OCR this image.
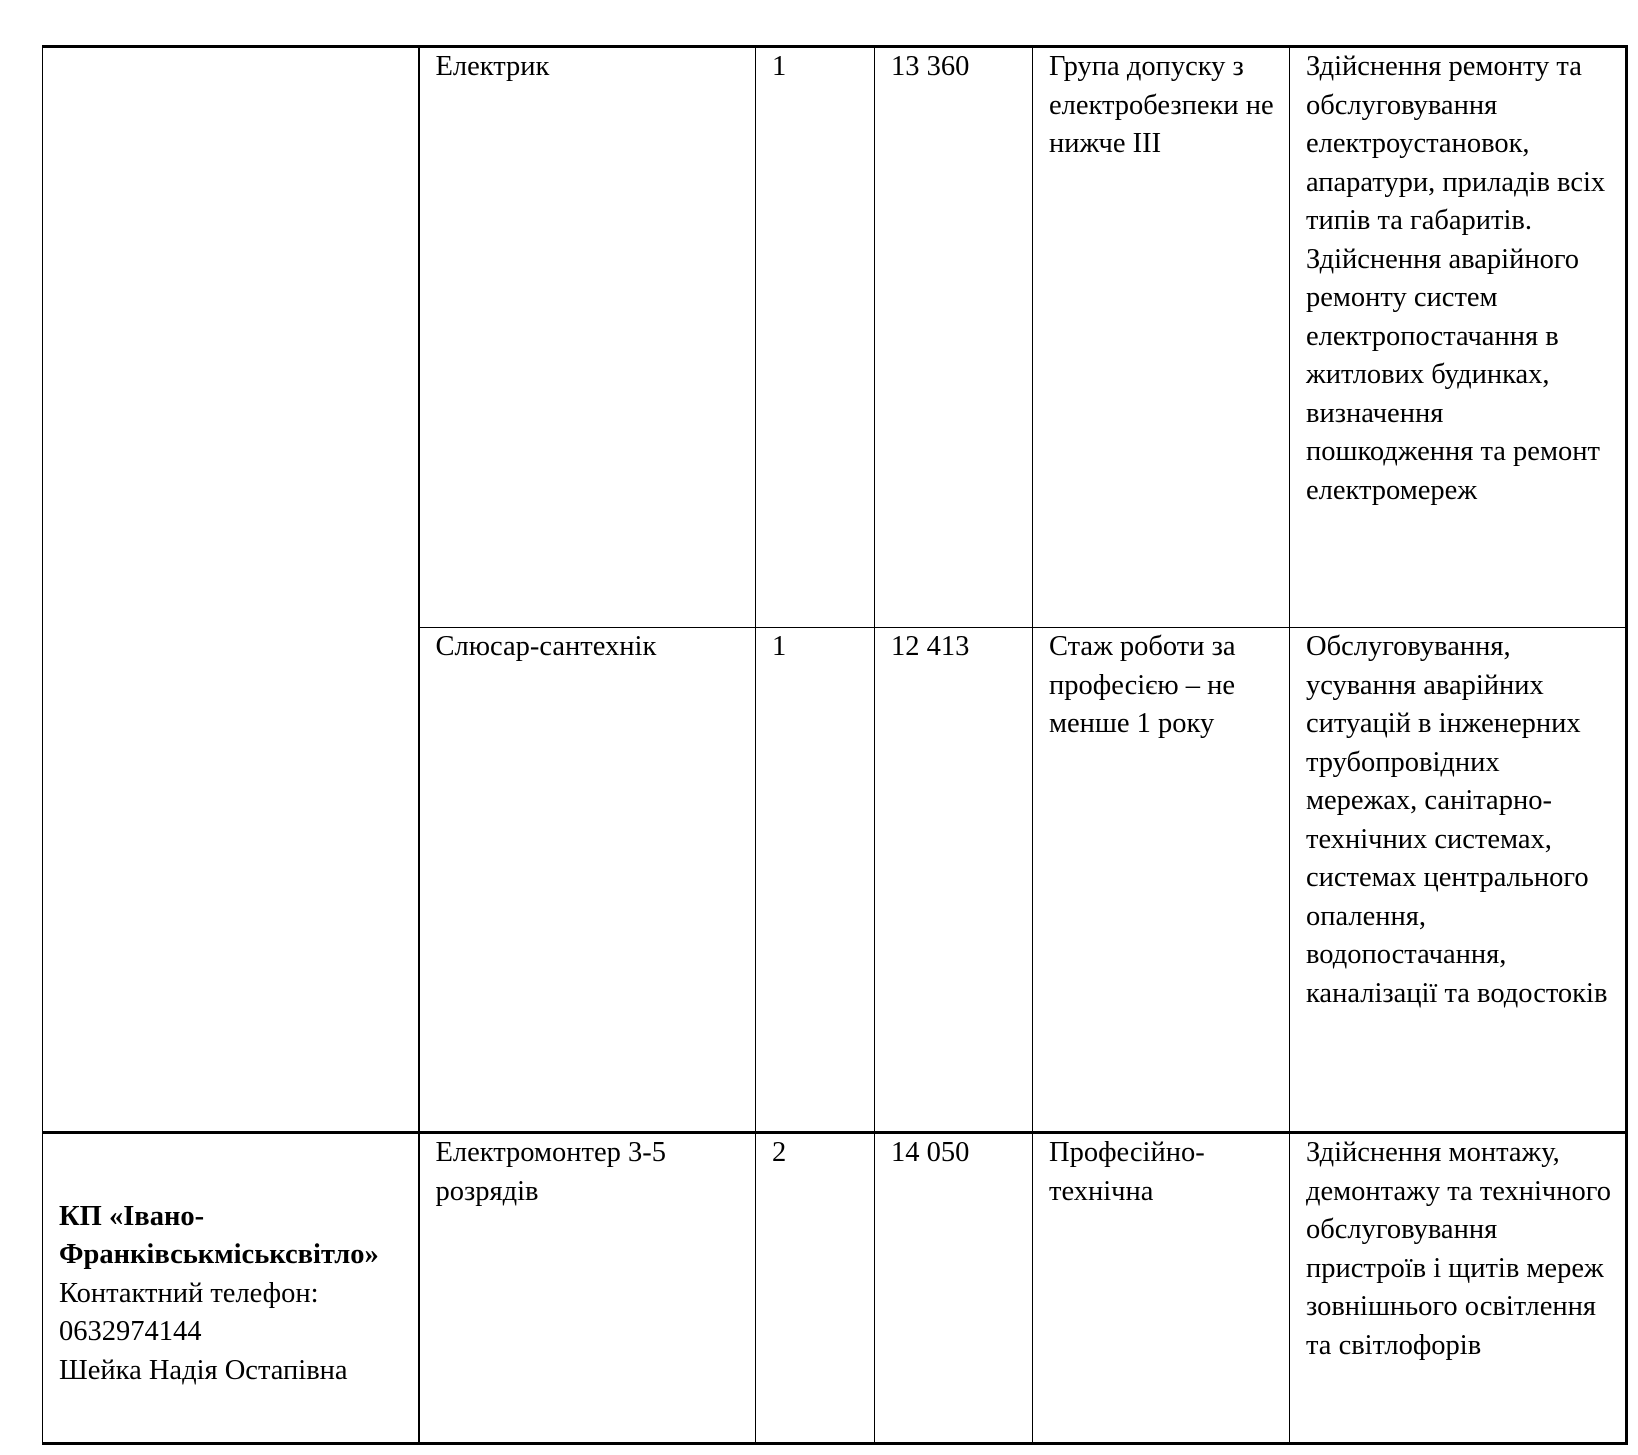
	Електрик	1	13 360	Група допуску з електробезпеки не нижче ІІІ	Здійснення ремонту та обслуговування електроустановок, апаратури, приладів всіх типів та габаритів. Здійснення аварійного ремонту систем електропостачання в житлових будинках, визначення пошкодження та ремонт електромереж

	Слюсар-сантехнік	1	12 413	Стаж роботи за професією – не менше 1 року	Обслуговування, усування аварійних ситуацій в інженерних трубопровідних мережах, санітарно-технічних системах, системах центрального опалення, водопостачання, каналізації та водостоків

КП «Івано-Франківськміськсвітло»
Контактний телефон:
0632974144
Шейка Надія Остапівна	Електромонтер 3-5 розрядів	2	14 050	Професійно-технічна	Здійснення монтажу, демонтажу та технічного обслуговування пристроїв і щитів мереж зовнішнього освітлення та світлофорів
